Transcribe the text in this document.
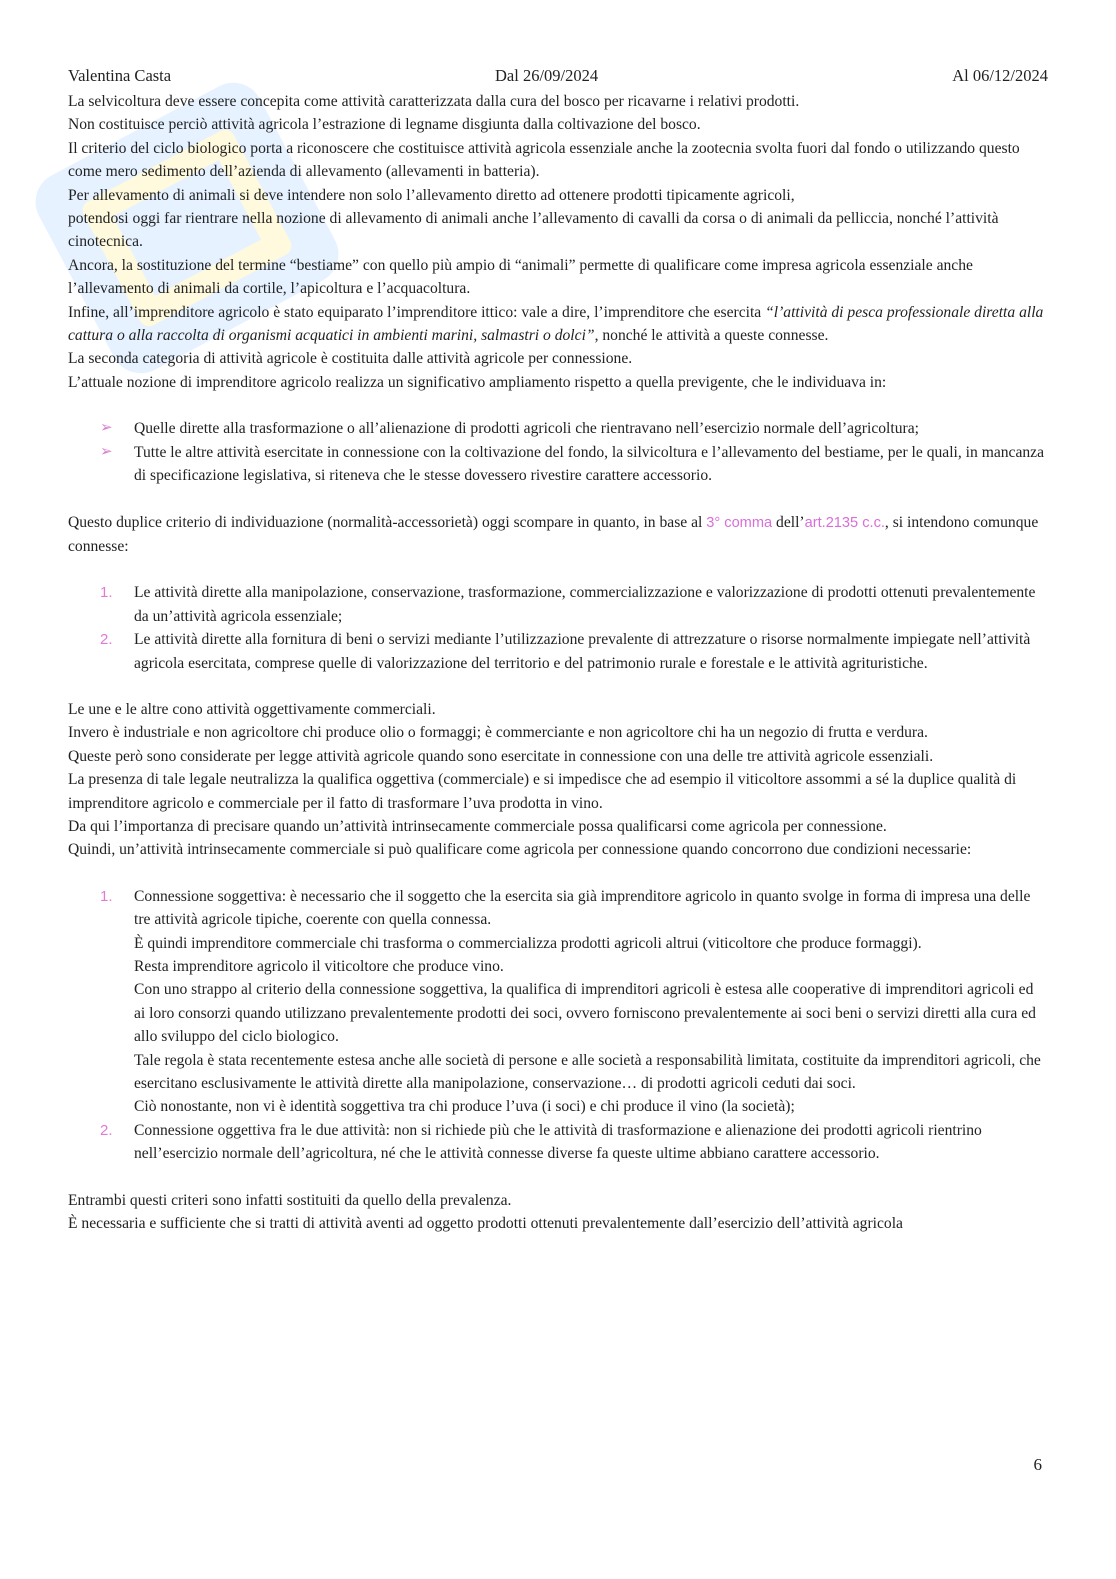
Valentina Casta	Dal 26/09/2024	Al 06/12/2024

La selvicoltura deve essere concepita come attività caratterizzata dalla cura del bosco per ricavarne i relativi prodotti.

Non costituisce perciò attività agricola l’estrazione di legname disgiunta dalla coltivazione del bosco.

Il criterio del ciclo biologico porta a riconoscere che costituisce attività agricola essenziale anche la zootecnia svolta fuori dal fondo o utilizzando questo come mero sedimento dell’azienda di allevamento (allevamenti in batteria).

Per allevamento di animali si deve intendere non solo l’allevamento diretto ad ottenere prodotti tipicamente agricoli,

potendosi oggi far rientrare nella nozione di allevamento di animali anche l’allevamento di cavalli da corsa o di animali da pelliccia, nonché l’attività cinotecnica.

Ancora, la sostituzione del termine “bestiame” con quello più ampio di “animali” permette di qualificare come impresa agricola essenziale anche l’allevamento di animali da cortile, l’apicoltura e l’acquacoltura.

Infine, all’imprenditore agricolo è stato equiparato l’imprenditore ittico: vale a dire, l’imprenditore che esercita “l’attività di pesca professionale diretta alla cattura o alla raccolta di organismi acquatici in ambienti marini, salmastri o dolci”, nonché le attività a queste connesse.

La seconda categoria di attività agricole è costituita dalle attività agricole per connessione.

L’attuale nozione di imprenditore agricolo realizza un significativo ampliamento rispetto a quella previgente, che le individuava in:

➢ Quelle dirette alla trasformazione o all’alienazione di prodotti agricoli che rientravano nell’esercizio normale dell’agricoltura;
➢ Tutte le altre attività esercitate in connessione con la coltivazione del fondo, la silvicoltura e l’allevamento del bestiame, per le quali, in mancanza di specificazione legislativa, si riteneva che le stesse dovessero rivestire carattere accessorio.

Questo duplice criterio di individuazione (normalità-accessorietà) oggi scompare in quanto, in base al 3° comma dell’art.2135 c.c., si intendono comunque connesse:

1. Le attività dirette alla manipolazione, conservazione, trasformazione, commercializzazione e valorizzazione di prodotti ottenuti prevalentemente da un’attività agricola essenziale;
2. Le attività dirette alla fornitura di beni o servizi mediante l’utilizzazione prevalente di attrezzature o risorse normalmente impiegate nell’attività agricola esercitata, comprese quelle di valorizzazione del territorio e del patrimonio rurale e forestale e le attività agrituristiche.

Le une e le altre cono attività oggettivamente commerciali.

Invero è industriale e non agricoltore chi produce olio o formaggi; è commerciante e non agricoltore chi ha un negozio di frutta e verdura.

Queste però sono considerate per legge attività agricole quando sono esercitate in connessione con una delle tre attività agricole essenziali.

La presenza di tale legale neutralizza la qualifica oggettiva (commerciale) e si impedisce che ad esempio il viticoltore assommi a sé la duplice qualità di imprenditore agricolo e commerciale per il fatto di trasformare l’uva prodotta in vino.

Da qui l’importanza di precisare quando un’attività intrinsecamente commerciale possa qualificarsi come agricola per connessione.

Quindi, un’attività intrinsecamente commerciale si può qualificare come agricola per connessione quando concorrono due condizioni necessarie:

1. Connessione soggettiva: è necessario che il soggetto che la esercita sia già imprenditore agricolo in quanto svolge in forma di impresa una delle tre attività agricole tipiche, coerente con quella connessa.
È quindi imprenditore commerciale chi trasforma o commercializza prodotti agricoli altrui (viticoltore che produce formaggi).
Resta imprenditore agricolo il viticoltore che produce vino.
Con uno strappo al criterio della connessione soggettiva, la qualifica di imprenditori agricoli è estesa alle cooperative di imprenditori agricoli ed ai loro consorzi quando utilizzano prevalentemente prodotti dei soci, ovvero forniscono prevalentemente ai soci beni o servizi diretti alla cura ed allo sviluppo del ciclo biologico.
Tale regola è stata recentemente estesa anche alle società di persone e alle società a responsabilità limitata, costituite da imprenditori agricoli, che esercitano esclusivamente le attività dirette alla manipolazione, conservazione… di prodotti agricoli ceduti dai soci.
Ciò nonostante, non vi è identità soggettiva tra chi produce l’uva (i soci) e chi produce il vino (la società);
2. Connessione oggettiva fra le due attività: non si richiede più che le attività di trasformazione e alienazione dei prodotti agricoli rientrino nell’esercizio normale dell’agricoltura, né che le attività connesse diverse fa queste ultime abbiano carattere accessorio.

Entrambi questi criteri sono infatti sostituiti da quello della prevalenza.

È necessaria e sufficiente che si tratti di attività aventi ad oggetto prodotti ottenuti prevalentemente dall’esercizio dell’attività agricola

6
